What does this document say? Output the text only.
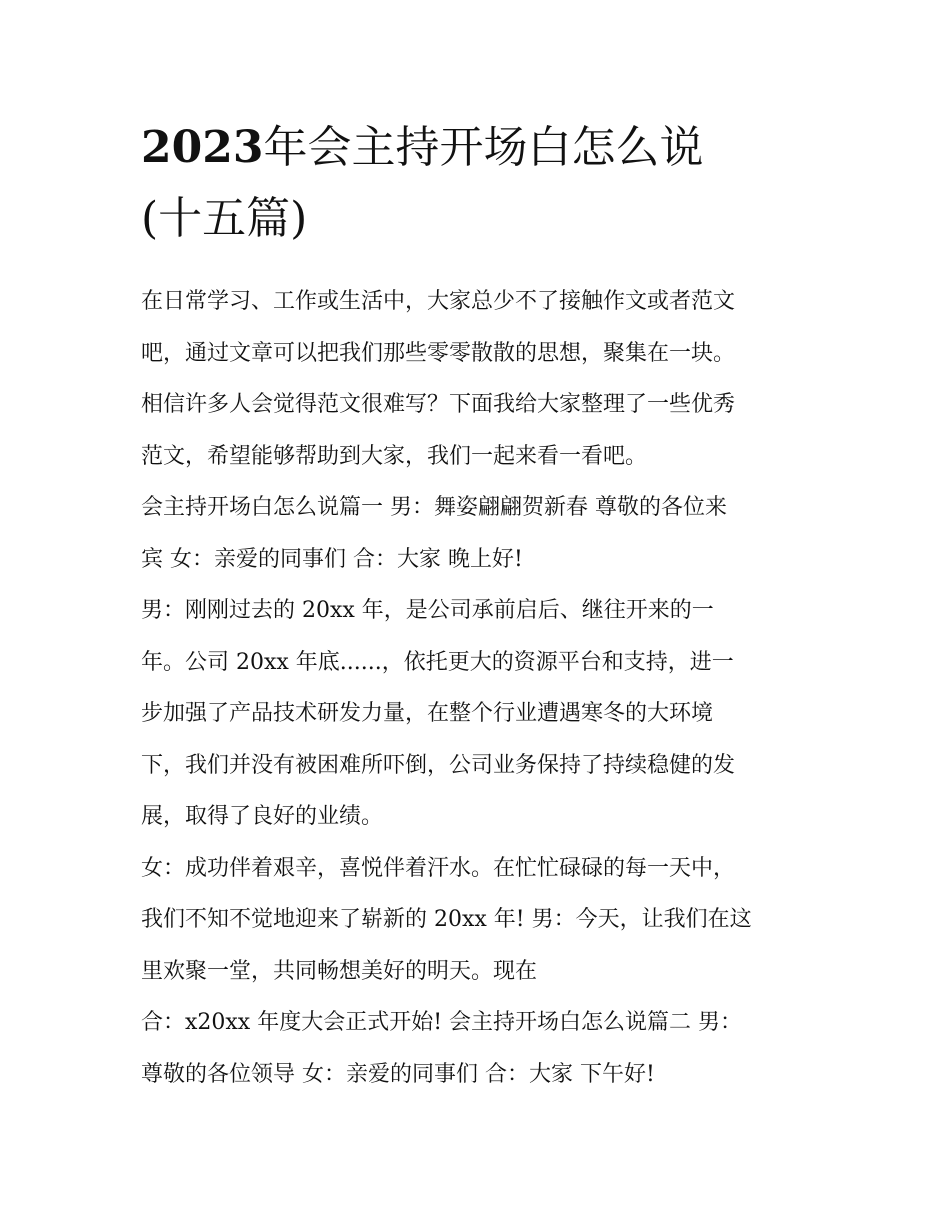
2023年会主持开场白怎么说
(十五篇)

在日常学习、工作或生活中，大家总少不了接触作文或者范文

吧，通过文章可以把我们那些零零散散的思想，聚集在一块。

相信许多人会觉得范文很难写？下面我给大家整理了一些优秀

范文，希望能够帮助到大家，我们一起来看一看吧。

会主持开场白怎么说篇一 男：舞姿翩翩贺新春 尊敬的各位来

宾 女：亲爱的同事们 合：大家 晚上好!

男：刚刚过去的 20xx 年，是公司承前启后、继往开来的一

年。公司 20xx 年底......，依托更大的资源平台和支持，进一

步加强了产品技术研发力量，在整个行业遭遇寒冬的大环境

下，我们并没有被困难所吓倒，公司业务保持了持续稳健的发

展，取得了良好的业绩。

女：成功伴着艰辛，喜悦伴着汗水。在忙忙碌碌的每一天中，

我们不知不觉地迎来了崭新的 20xx 年! 男：今天，让我们在这

里欢聚一堂，共同畅想美好的明天。现在

合：x20xx 年度大会正式开始! 会主持开场白怎么说篇二 男：

尊敬的各位领导 女：亲爱的同事们 合：大家 下午好!
